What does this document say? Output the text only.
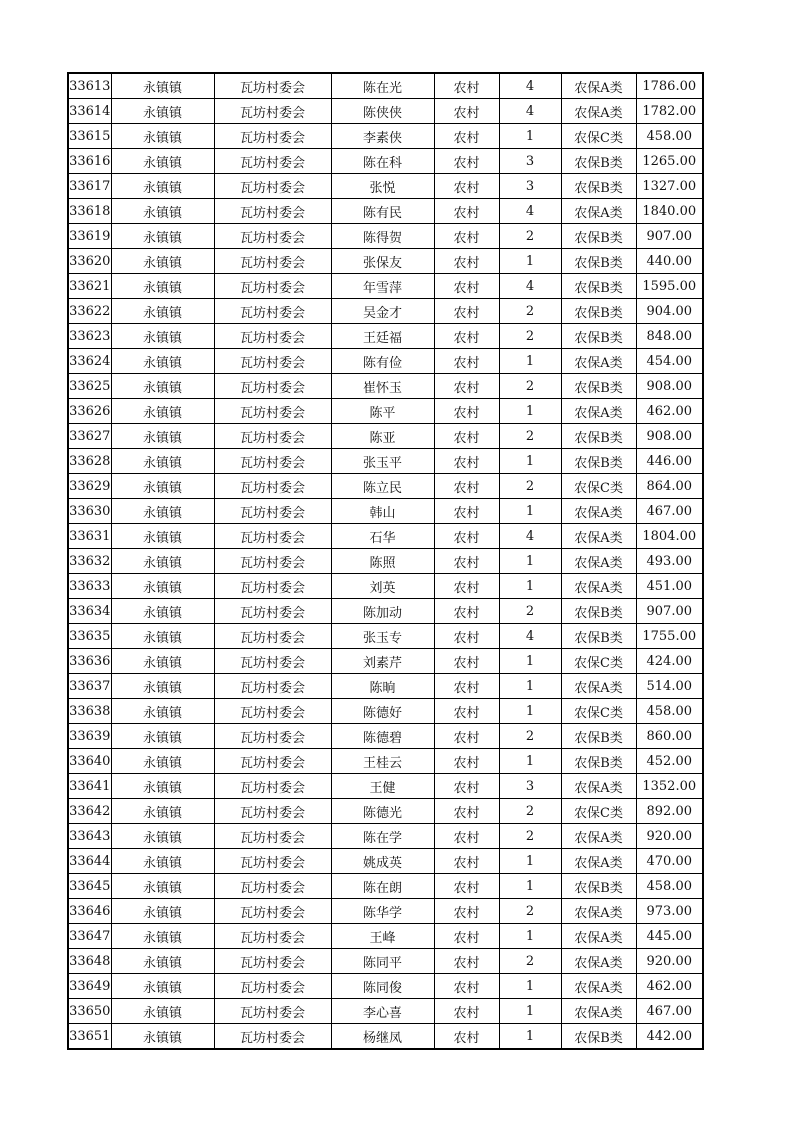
33613	永镇镇	瓦坊村委会	陈在光	农村	4	农保A类	1786.00
33614	永镇镇	瓦坊村委会	陈侠侠	农村	4	农保A类	1782.00
33615	永镇镇	瓦坊村委会	李素侠	农村	1	农保C类	458.00
33616	永镇镇	瓦坊村委会	陈在科	农村	3	农保B类	1265.00
33617	永镇镇	瓦坊村委会	张悦	农村	3	农保B类	1327.00
33618	永镇镇	瓦坊村委会	陈有民	农村	4	农保A类	1840.00
33619	永镇镇	瓦坊村委会	陈得贺	农村	2	农保B类	907.00
33620	永镇镇	瓦坊村委会	张保友	农村	1	农保B类	440.00
33621	永镇镇	瓦坊村委会	年雪萍	农村	4	农保B类	1595.00
33622	永镇镇	瓦坊村委会	吴金才	农村	2	农保B类	904.00
33623	永镇镇	瓦坊村委会	王廷福	农村	2	农保B类	848.00
33624	永镇镇	瓦坊村委会	陈有俭	农村	1	农保A类	454.00
33625	永镇镇	瓦坊村委会	崔怀玉	农村	2	农保B类	908.00
33626	永镇镇	瓦坊村委会	陈平	农村	1	农保A类	462.00
33627	永镇镇	瓦坊村委会	陈亚	农村	2	农保B类	908.00
33628	永镇镇	瓦坊村委会	张玉平	农村	1	农保B类	446.00
33629	永镇镇	瓦坊村委会	陈立民	农村	2	农保C类	864.00
33630	永镇镇	瓦坊村委会	韩山	农村	1	农保A类	467.00
33631	永镇镇	瓦坊村委会	石华	农村	4	农保A类	1804.00
33632	永镇镇	瓦坊村委会	陈照	农村	1	农保A类	493.00
33633	永镇镇	瓦坊村委会	刘英	农村	1	农保A类	451.00
33634	永镇镇	瓦坊村委会	陈加动	农村	2	农保B类	907.00
33635	永镇镇	瓦坊村委会	张玉专	农村	4	农保B类	1755.00
33636	永镇镇	瓦坊村委会	刘素芹	农村	1	农保C类	424.00
33637	永镇镇	瓦坊村委会	陈晌	农村	1	农保A类	514.00
33638	永镇镇	瓦坊村委会	陈德好	农村	1	农保C类	458.00
33639	永镇镇	瓦坊村委会	陈德碧	农村	2	农保B类	860.00
33640	永镇镇	瓦坊村委会	王桂云	农村	1	农保B类	452.00
33641	永镇镇	瓦坊村委会	王健	农村	3	农保A类	1352.00
33642	永镇镇	瓦坊村委会	陈德光	农村	2	农保C类	892.00
33643	永镇镇	瓦坊村委会	陈在学	农村	2	农保A类	920.00
33644	永镇镇	瓦坊村委会	姚成英	农村	1	农保A类	470.00
33645	永镇镇	瓦坊村委会	陈在朗	农村	1	农保B类	458.00
33646	永镇镇	瓦坊村委会	陈华学	农村	2	农保A类	973.00
33647	永镇镇	瓦坊村委会	王峰	农村	1	农保A类	445.00
33648	永镇镇	瓦坊村委会	陈同平	农村	2	农保A类	920.00
33649	永镇镇	瓦坊村委会	陈同俊	农村	1	农保A类	462.00
33650	永镇镇	瓦坊村委会	李心喜	农村	1	农保A类	467.00
33651	永镇镇	瓦坊村委会	杨继凤	农村	1	农保B类	442.00
